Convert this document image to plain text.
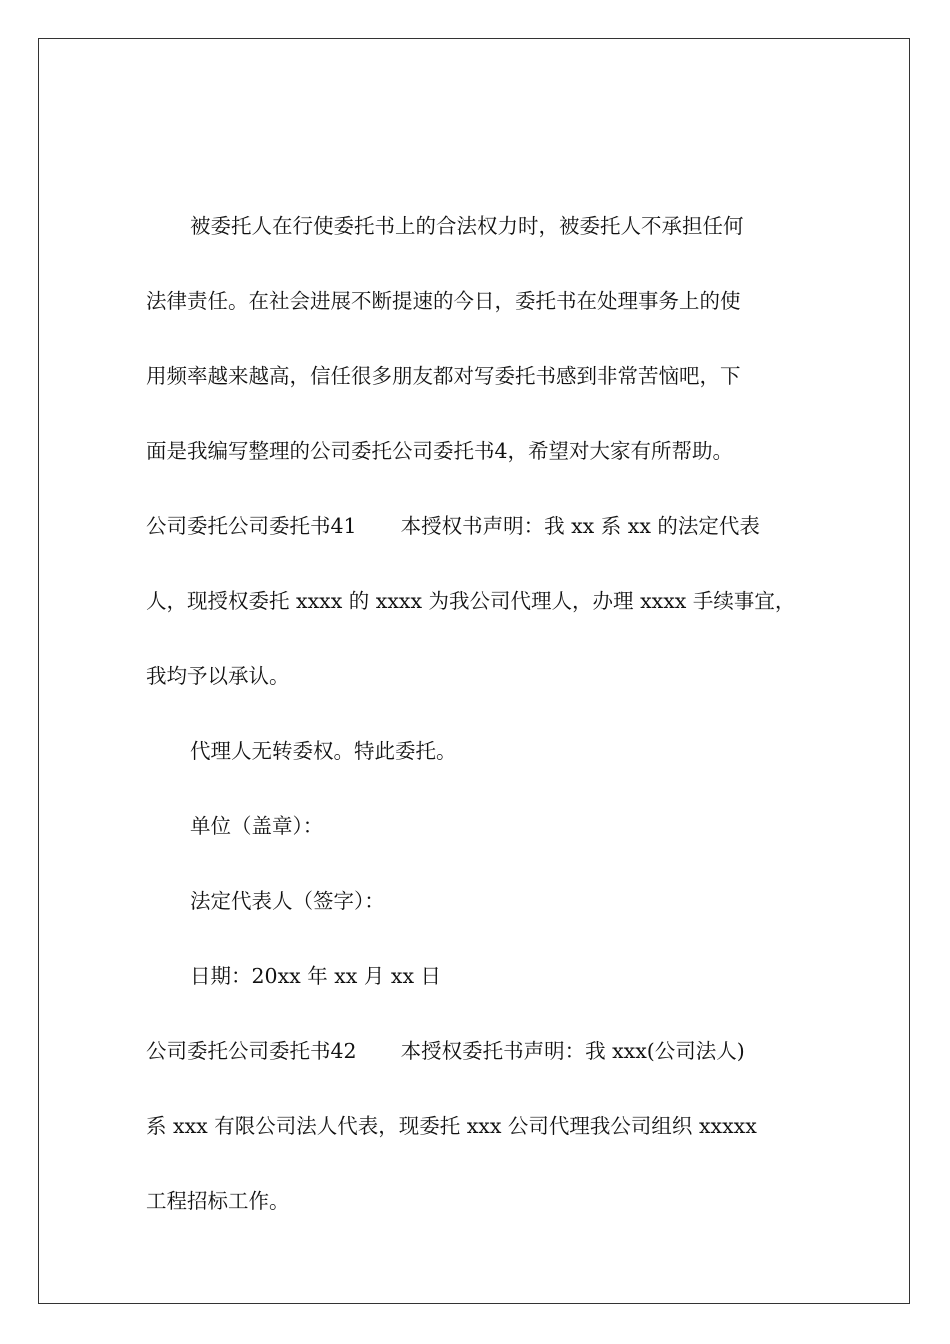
被委托人在行使委托书上的合法权力时，被委托人不承担任何
法律责任。在社会进展不断提速的今日，委托书在处理事务上的使
用频率越来越高，信任很多朋友都对写委托书感到非常苦恼吧，下
面是我编写整理的公司委托公司委托书4，希望对大家有所帮助。
公司委托公司委托书41 本授权书声明：我 xx 系 xx 的法定代表
人，现授权委托 xxxx 的 xxxx 为我公司代理人，办理 xxxx 手续事宜，
我均予以承认。
代理人无转委权。特此委托。
单位（盖章）：
法定代表人（签字）：
日期：20xx 年 xx 月 xx 日
公司委托公司委托书42 本授权委托书声明：我 xxx(公司法人)
系 xxx 有限公司法人代表，现委托 xxx 公司代理我公司组织 xxxxx
工程招标工作。
